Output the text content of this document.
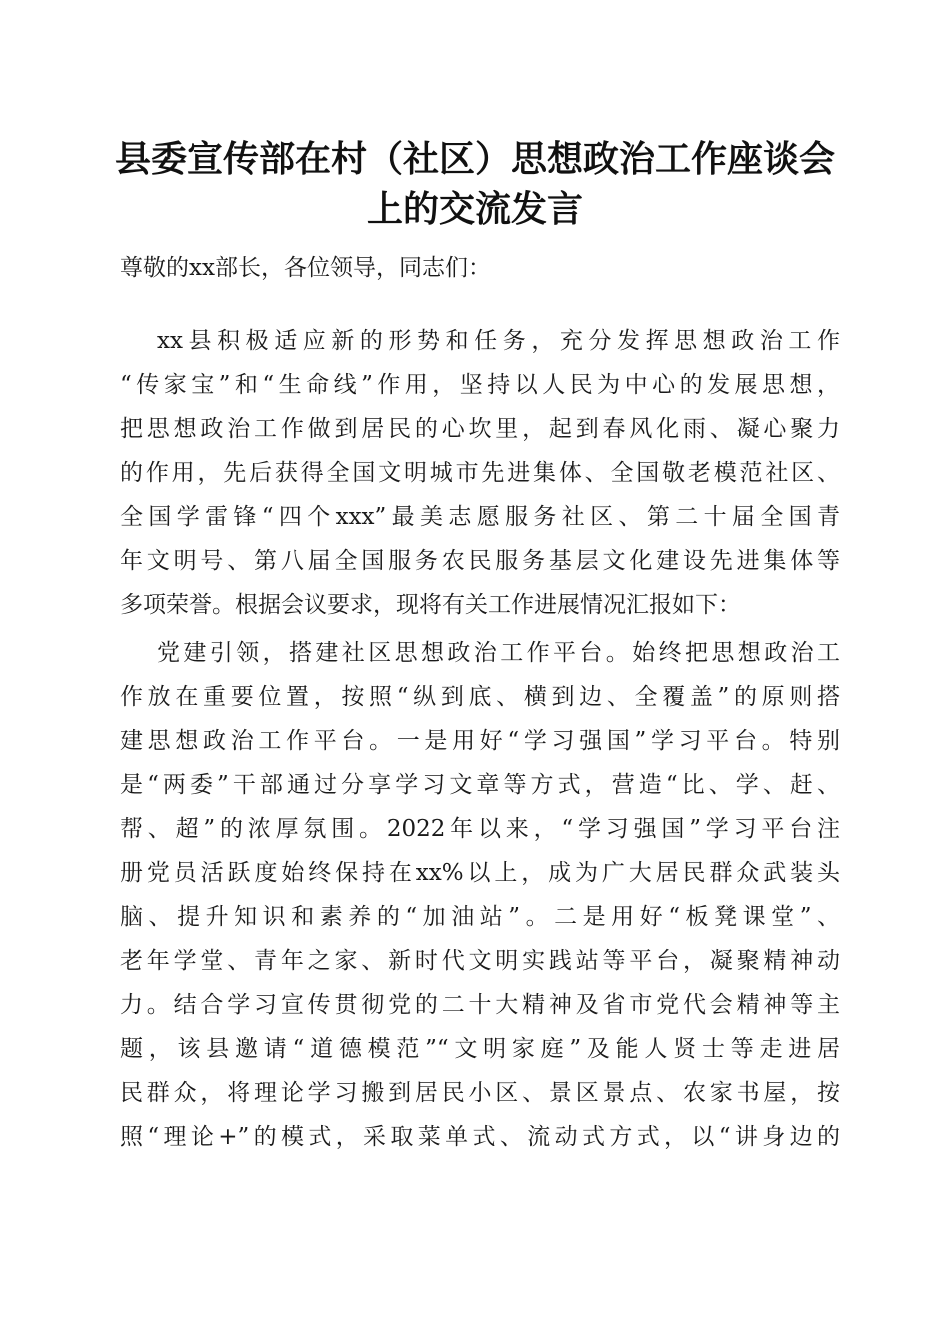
县委宣传部在村（社区）思想政治工作座谈会
上的交流发言
尊敬的xx部长，各位领导，同志们：
xx县积极适应新的形势和任务，充分发挥思想政治工作
“传家宝”和“生命线”作用，坚持以人民为中心的发展思想，
把思想政治工作做到居民的心坎里，起到春风化雨、凝心聚力
的作用，先后获得全国文明城市先进集体、全国敬老模范社区、
全国学雷锋“四个xxx”最美志愿服务社区、第二十届全国青
年文明号、第八届全国服务农民服务基层文化建设先进集体等
多项荣誉。根据会议要求，现将有关工作进展情况汇报如下：
党建引领，搭建社区思想政治工作平台。始终把思想政治工
作放在重要位置，按照“纵到底、横到边、全覆盖”的原则搭
建思想政治工作平台。一是用好“学习强国”学习平台。特别
是“两委”干部通过分享学习文章等方式，营造“比、学、赶、
帮、超”的浓厚氛围。2022年以来，“学习强国”学习平台注
册党员活跃度始终保持在xx%以上，成为广大居民群众武装头
脑、提升知识和素养的“加油站”。二是用好“板凳课堂”、
老年学堂、青年之家、新时代文明实践站等平台，凝聚精神动
力。结合学习宣传贯彻党的二十大精神及省市党代会精神等主
题，该县邀请“道德模范”“文明家庭”及能人贤士等走进居
民群众，将理论学习搬到居民小区、景区景点、农家书屋，按
照“理论+”的模式，采取菜单式、流动式方式，以“讲身边的
